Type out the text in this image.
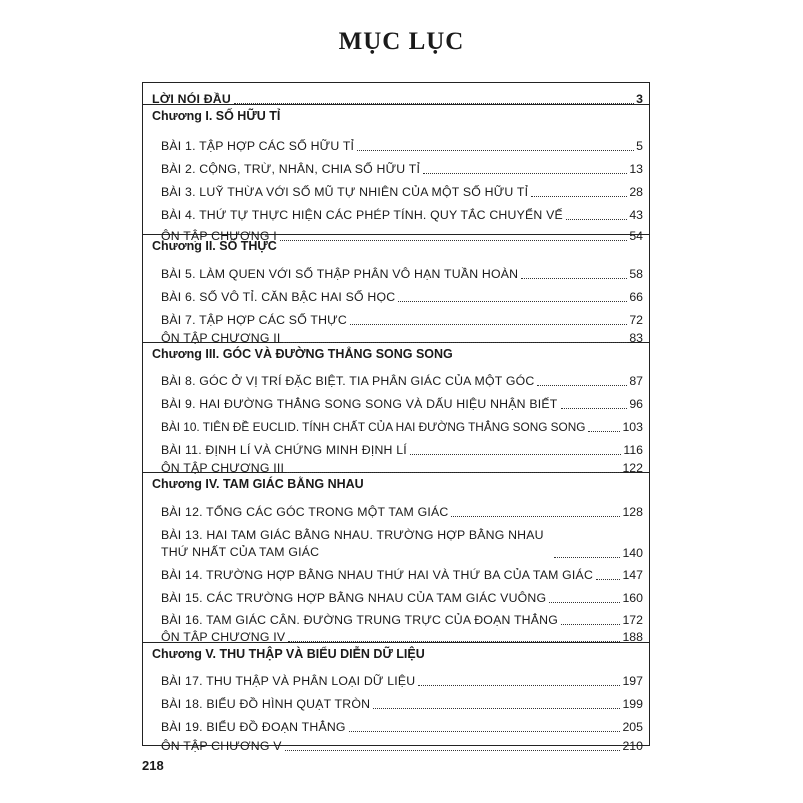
MỤC LỤC
LỜI NÓI ĐẦU	3
Chương I. SỐ HỮU TỈ
BÀI 1. TẬP HỢP CÁC SỐ HỮU TỈ	5
BÀI 2. CỘNG, TRỪ, NHÂN, CHIA SỐ HỮU TỈ	13
BÀI 3. LUỸ THỪA VỚI SỐ MŨ TỰ NHIÊN CỦA MỘT SỐ HỮU TỈ	28
BÀI 4. THỨ TỰ THỰC HIỆN CÁC PHÉP TÍNH. QUY TẮC CHUYỂN VẾ	43
ÔN TẬP CHƯƠNG I	54
Chương II. SỐ THỰC
BÀI 5. LÀM QUEN VỚI SỐ THẬP PHÂN VÔ HẠN TUẦN HOÀN	58
BÀI 6. SỐ VÔ TỈ. CĂN BẬC HAI SỐ HỌC	66
BÀI 7. TẬP HỢP CÁC SỐ THỰC	72
ÔN TẬP CHƯƠNG II	83
Chương III. GÓC VÀ ĐƯỜNG THẲNG SONG SONG
BÀI 8. GÓC Ở VỊ TRÍ ĐẶC BIỆT. TIA PHÂN GIÁC CỦA MỘT GÓC	87
BÀI 9. HAI ĐƯỜNG THẲNG SONG SONG VÀ DẤU HIỆU NHẬN BIẾT	96
BÀI 10. TIÊN ĐỀ EUCLID. TÍNH CHẤT CỦA HAI ĐƯỜNG THẲNG SONG SONG	103
BÀI 11. ĐỊNH LÍ VÀ CHỨNG MINH ĐỊNH LÍ	116
ÔN TẬP CHƯƠNG III	122
Chương IV. TAM GIÁC BẰNG NHAU
BÀI 12. TỔNG CÁC GÓC TRONG MỘT TAM GIÁC	128
BÀI 13. HAI TAM GIÁC BẰNG NHAU. TRƯỜNG HỢP BẰNG NHAU THỨ NHẤT CỦA TAM GIÁC	140
BÀI 14. TRƯỜNG HỢP BẰNG NHAU THỨ HAI VÀ THỨ BA CỦA TAM GIÁC 147
BÀI 15. CÁC TRƯỜNG HỢP BẰNG NHAU CỦA TAM GIÁC VUÔNG	160
BÀI 16. TAM GIÁC CÂN. ĐƯỜNG TRUNG TRỰC CỦA ĐOẠN THẲNG	172
ÔN TẬP CHƯƠNG IV	188
Chương V. THU THẬP VÀ BIỂU DIỄN DỮ LIỆU
BÀI 17. THU THẬP VÀ PHÂN LOẠI DỮ LIỆU	197
BÀI 18. BIỂU ĐỒ HÌNH QUẠT TRÒN	199
BÀI 19. BIỂU ĐỒ ĐOẠN THẲNG	205
ÔN TẬP CHƯƠNG V	210
218
